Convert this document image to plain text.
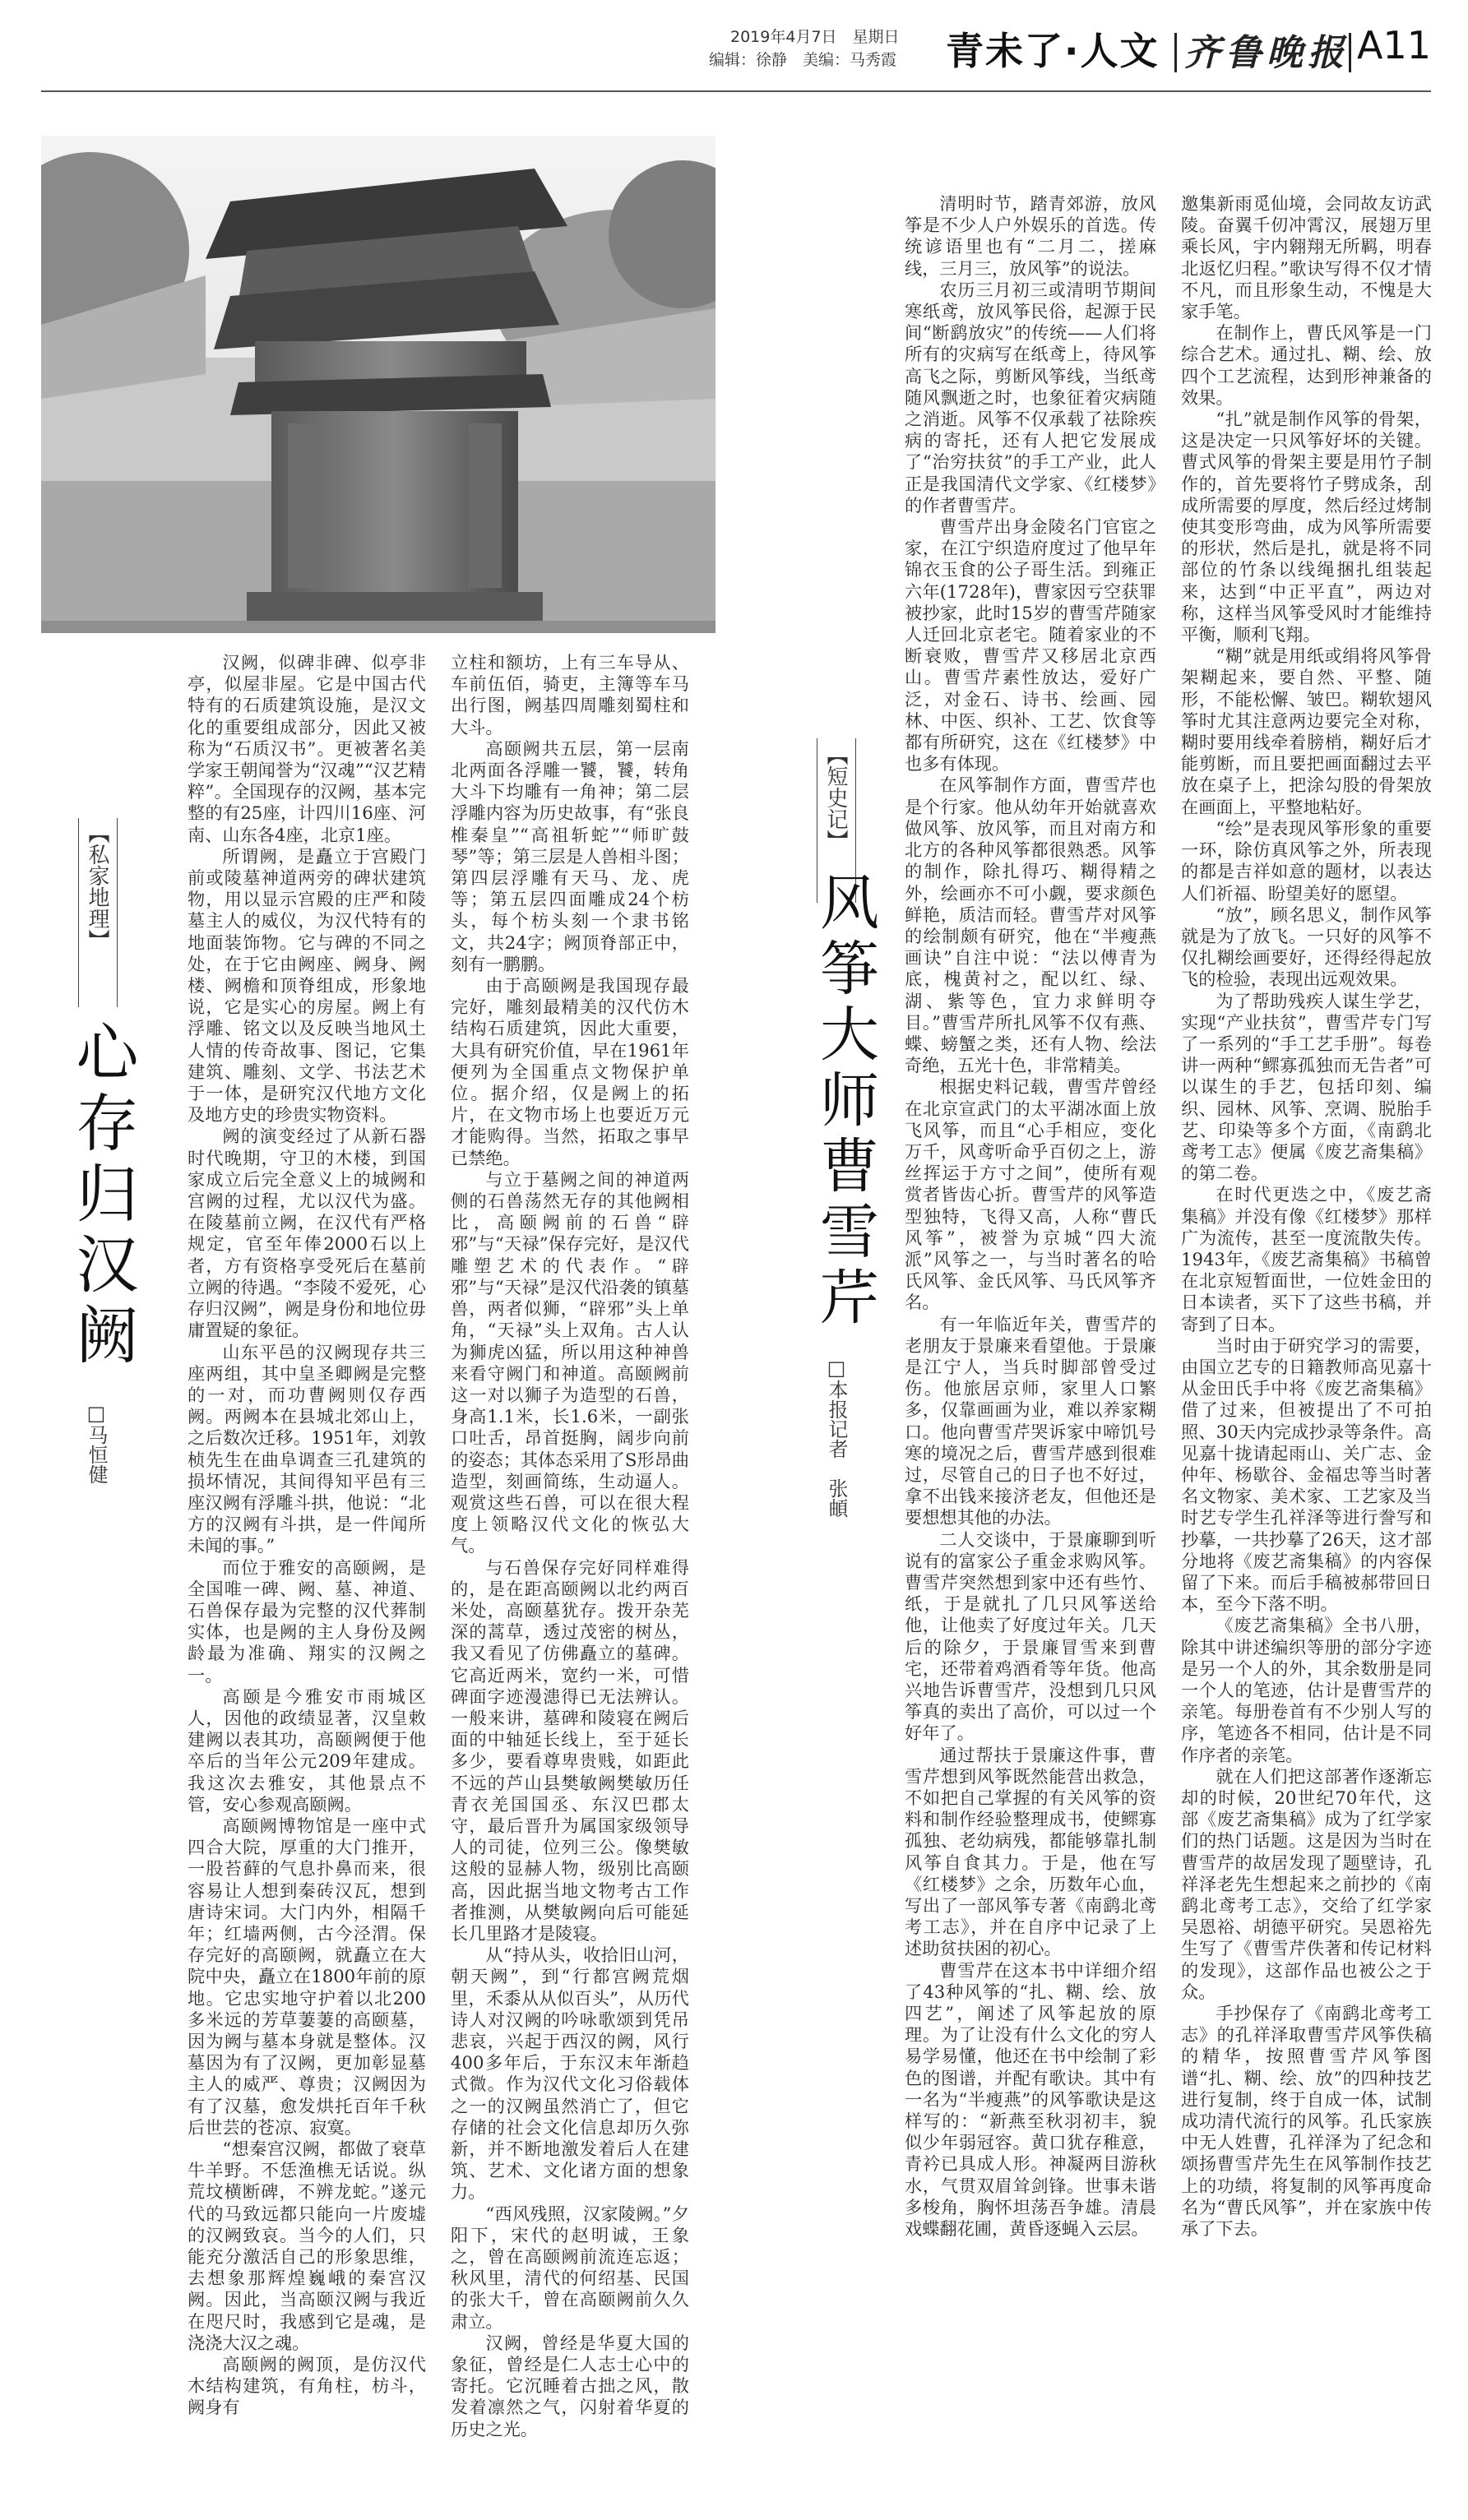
2019年4月7日　星期日
编辑：徐静　美编：马秀霞 青未了·人文 齐鲁晚报 A11
【私家地理】
心存归汉阙
□马恒健

汉阙，似碑非碑、似亭非亭，似屋非屋。它是中国古代特有的石质建筑设施，是汉文化的重要组成部分，因此又被称为“石质汉书”。更被著名美学家王朝闻誉为“汉魂”“汉艺精粹”。全国现存的汉阙，基本完整的有25座，计四川16座、河南、山东各4座，北京1座。

所谓阙，是矗立于宫殿门前或陵墓神道两旁的碑状建筑物，用以显示宫殿的庄严和陵墓主人的威仪，为汉代特有的地面装饰物。它与碑的不同之处，在于它由阙座、阙身、阙楼、阙檐和顶脊组成，形象地说，它是实心的房屋。阙上有浮雕、铭文以及反映当地风土人情的传奇故事、图记，它集建筑、雕刻、文学、书法艺术于一体，是研究汉代地方文化及地方史的珍贵实物资料。

阙的演变经过了从新石器时代晚期，守卫的木楼，到国家成立后完全意义上的城阙和宫阙的过程，尤以汉代为盛。在陵墓前立阙，在汉代有严格规定，官至年俸2000石以上者，方有资格享受死后在墓前立阙的待遇。“李陵不爱死，心存归汉阙”，阙是身份和地位毋庸置疑的象征。

山东平邑的汉阙现存共三座两组，其中皇圣卿阙是完整的一对，而功曹阙则仅存西阙。两阙本在县城北郊山上，之后数次迁移。1951年，刘敦桢先生在曲阜调查三孔建筑的损坏情况，其间得知平邑有三座汉阙有浮雕斗拱，他说：“北方的汉阙有斗拱，是一件闻所未闻的事。”

而位于雅安的高颐阙，是全国唯一碑、阙、墓、神道、石兽保存最为完整的汉代葬制实体，也是阙的主人身份及阙龄最为准确、翔实的汉阙之一。

高颐是今雅安市雨城区人，因他的政绩显著，汉皇敕建阙以表其功，高颐阙便于他卒后的当年公元209年建成。我这次去雅安，其他景点不管，安心参观高颐阙。

高颐阙博物馆是一座中式四合大院，厚重的大门推开，一股苔藓的气息扑鼻而来，很容易让人想到秦砖汉瓦，想到唐诗宋词。大门内外，相隔千年；红墙两侧，古今泾渭。保存完好的高颐阙，就矗立在大院中央，矗立在1800年前的原地。它忠实地守护着以北200多米远的芳草萋萋的高颐墓，因为阙与墓本身就是整体。汉墓因为有了汉阙，更加彰显墓主人的威严、尊贵；汉阙因为有了汉墓，愈发烘托百年千秋后世芸的苍凉、寂寞。

“想秦宫汉阙，都做了衰草牛羊野。不恁渔樵无话说。纵荒坟横断碑，不辨龙蛇。”遂元代的马致远都只能向一片废墟的汉阙致哀。当今的人们，只能充分激活自己的形象思维，去想象那辉煌巍峨的秦宫汉阙。因此，当高颐汉阙与我近在咫尺时，我感到它是魂，是浇浇大汉之魂。

高颐阙的阙顶，是仿汉代木结构建筑，有角柱，枋斗，阙身有

立柱和额坊，上有三车导从、车前伍佰，骑吏，主簿等车马出行图，阙基四周雕刻蜀柱和大斗。

高颐阙共五层，第一层南北两面各浮雕一饕，饕，转角大斗下均雕有一角神；第二层浮雕内容为历史故事，有“张良椎秦皇”“高祖斩蛇”“师旷鼓琴”等；第三层是人兽相斗图；第四层浮雕有天马、龙、虎等；第五层四面雕成24个枋头，每个枋头刻一个隶书铭文，共24字；阙顶脊部正中，刻有一鹏鹏。

由于高颐阙是我国现存最完好，雕刻最精美的汉代仿木结构石质建筑，因此大重要，大具有研究价值，早在1961年便列为全国重点文物保护单位。据介绍，仅是阙上的拓片，在文物市场上也要近万元才能购得。当然，拓取之事早已禁绝。

与立于墓阙之间的神道两侧的石兽荡然无存的其他阙相比，高颐阙前的石兽“辟邪”与“天禄”保存完好，是汉代雕塑艺术的代表作。“辟邪”与“天禄”是汉代沿袭的镇墓兽，两者似狮，“辟邪”头上单角，“天禄”头上双角。古人认为狮虎凶猛，所以用这种神兽来看守阙门和神道。高颐阙前这一对以狮子为造型的石兽，身高1.1米，长1.6米，一副张口吐舌，昂首挺胸，阔步向前的姿态；其体态采用了S形昂曲造型，刻画简练，生动逼人。观赏这些石兽，可以在很大程度上领略汉代文化的恢弘大气。

与石兽保存完好同样难得的，是在距高颐阙以北约两百米处，高颐墓犹存。拨开杂芜深的蒿草，透过茂密的树丛，我又看见了仿佛矗立的墓碑。它高近两米，宽约一米，可惜碑面字迹漫漶得已无法辨认。一般来讲，墓碑和陵寝在阙后面的中轴延长线上，至于延长多少，要看尊卑贵贱，如距此不远的芦山县樊敏阙樊敏历任青衣羌国国丞、东汉巴郡太守，最后晋升为属国家级领导人的司徒，位列三公。像樊敏这般的显赫人物，级别比高颐高，因此据当地文物考古工作者推测，从樊敏阙向后可能延长几里路才是陵寝。

从“持从头，收拾旧山河，朝天阙”，到“行都宫阙荒烟里，禾黍从从似百头”，从历代诗人对汉阙的吟咏歌颂到凭吊悲哀，兴起于西汉的阙，风行400多年后，于东汉末年渐趋式微。作为汉代文化习俗载体之一的汉阙虽然消亡了，但它存储的社会文化信息却历久弥新，并不断地激发着后人在建筑、艺术、文化诸方面的想象力。

“西风残照，汉家陵阙。”夕阳下，宋代的赵明诚，王象之，曾在高颐阙前流连忘返；秋风里，清代的何绍基、民国的张大千，曾在高颐阙前久久肃立。

汉阙，曾经是华夏大国的象征，曾经是仁人志士心中的寄托。它沉睡着古拙之风，散发着凛然之气，闪射着华夏的历史之光。

【短史记】
风筝大师曹雪芹
□本报记者　张頔

清明时节，踏青郊游，放风筝是不少人户外娱乐的首选。传统谚语里也有“二月二，搓麻线，三月三，放风筝”的说法。

农历三月初三或清明节期间寒纸鸢，放风筝民俗，起源于民间“断鹞放灾”的传统——人们将所有的灾病写在纸鸢上，待风筝高飞之际，剪断风筝线，当纸鸢随风飘逝之时，也象征着灾病随之消逝。风筝不仅承载了祛除疾病的寄托，还有人把它发展成了“治穷扶贫”的手工产业，此人正是我国清代文学家、《红楼梦》的作者曹雪芹。

曹雪芹出身金陵名门官宦之家，在江宁织造府度过了他早年锦衣玉食的公子哥生活。到雍正六年(1728年)，曹家因亏空获罪被抄家，此时15岁的曹雪芹随家人迁回北京老宅。随着家业的不断衰败，曹雪芹又移居北京西山。曹雪芹素性放达，爱好广泛，对金石、诗书、绘画、园林、中医、织补、工艺、饮食等都有所研究，这在《红楼梦》中也多有体现。

在风筝制作方面，曹雪芹也是个行家。他从幼年开始就喜欢做风筝、放风筝，而且对南方和北方的各种风筝都很熟悉。风筝的制作，除扎得巧、糊得精之外，绘画亦不可小觑，要求颜色鲜艳，质洁而轻。曹雪芹对风筝的绘制颇有研究，他在“半瘦燕画诀”自注中说：“法以傅青为底，槐黄衬之，配以红、绿、湖、紫等色，宜力求鲜明夺目。”曹雪芹所扎风筝不仅有燕、蝶、螃蟹之类，还有人物、绘法奇绝，五光十色，非常精美。

根据史料记载，曹雪芹曾经在北京宣武门的太平湖冰面上放飞风筝，而且“心手相应，变化万千，风鸢听命乎百仞之上，游丝挥运于方寸之间”，使所有观赏者皆齿心折。曹雪芹的风筝造型独特，飞得又高，人称“曹氏风筝”，被誉为京城“四大流派”风筝之一，与当时著名的哈氏风筝、金氏风筝、马氏风筝齐名。

有一年临近年关，曹雪芹的老朋友于景廉来看望他。于景廉是江宁人，当兵时脚部曾受过伤。他旅居京师，家里人口繁多，仅靠画画为业，难以养家糊口。他向曹雪芹哭诉家中啼饥号寒的境况之后，曹雪芹感到很难过，尽管自己的日子也不好过，拿不出钱来接济老友，但他还是要想想其他的办法。

二人交谈中，于景廉聊到听说有的富家公子重金求购风筝。曹雪芹突然想到家中还有些竹、纸，于是就扎了几只风筝送给他，让他卖了好度过年关。几天后的除夕，于景廉冒雪来到曹宅，还带着鸡酒肴等年货。他高兴地告诉曹雪芹，没想到几只风筝真的卖出了高价，可以过一个好年了。

通过帮扶于景廉这件事，曹雪芹想到风筝既然能营出救急，不如把自己掌握的有关风筝的资料和制作经验整理成书，使鳏寡孤独、老幼病残，都能够靠扎制风筝自食其力。于是，他在写《红楼梦》之余，历数年心血，写出了一部风筝专著《南鹞北鸢考工志》，并在自序中记录了上述助贫扶困的初心。

曹雪芹在这本书中详细介绍了43种风筝的“扎、糊、绘、放四艺”，阐述了风筝起放的原理。为了让没有什么文化的穷人易学易懂，他还在书中绘制了彩色的图谱，并配有歌诀。其中有一名为“半瘦燕”的风筝歌诀是这样写的：“新燕至秋羽初丰，貌似少年弱冠容。黄口犹存稚意，青衿已具成人形。神凝两目游秋水，气贯双眉耸剑锋。世事未谐多梭角，胸怀坦荡吾争雄。清晨戏蝶翻花圃，黄昏逐蝇入云层。

邀集新雨觅仙境，会同故友访武陵。奋翼千仞冲霄汉，展翅万里乘长风，宇内翱翔无所羁，明春北返忆归程。”歌诀写得不仅才情不凡，而且形象生动，不愧是大家手笔。

在制作上，曹氏风筝是一门综合艺术。通过扎、糊、绘、放四个工艺流程，达到形神兼备的效果。

“扎”就是制作风筝的骨架，这是决定一只风筝好坏的关键。曹式风筝的骨架主要是用竹子制作的，首先要将竹子劈成条，刮成所需要的厚度，然后经过烤制使其变形弯曲，成为风筝所需要的形状，然后是扎，就是将不同部位的竹条以线绳捆扎组装起来，达到“中正平直”，两边对称，这样当风筝受风时才能维持平衡，顺利飞翔。

“糊”就是用纸或绢将风筝骨架糊起来，要自然、平整、随形，不能松懈、皱巴。糊软翅风筝时尤其注意两边要完全对称，糊时要用线牵着膀梢，糊好后才能剪断，而且要把画面翻过去平放在桌子上，把涂勾股的骨架放在画面上，平整地粘好。

“绘”是表现风筝形象的重要一环，除仿真风筝之外，所表现的都是吉祥如意的题材，以表达人们祈福、盼望美好的愿望。

“放”，顾名思义，制作风筝就是为了放飞。一只好的风筝不仅扎糊绘画要好，还得经得起放飞的检验，表现出远观效果。

为了帮助残疾人谋生学艺，实现“产业扶贫”，曹雪芹专门写了一系列的“手工艺手册”。每卷讲一两种“鳏寡孤独而无告者”可以谋生的手艺，包括印刻、编织、园林、风筝、烹调、脱胎手艺、印染等多个方面，《南鹞北鸢考工志》便属《废艺斋集稿》的第二卷。

在时代更迭之中，《废艺斋集稿》并没有像《红楼梦》那样广为流传，甚至一度流散失传。1943年，《废艺斋集稿》书稿曾在北京短暂面世，一位姓金田的日本读者，买下了这些书稿，并寄到了日本。

当时由于研究学习的需要，由国立艺专的日籍教师高见嘉十从金田氏手中将《废艺斋集稿》借了过来，但被提出了不可拍照、30天内完成抄录等条件。高见嘉十拢请起雨山、关广志、金仲年、杨歇谷、金福忠等当时著名文物家、美术家、工艺家及当时艺专学生孔祥泽等进行誊写和抄摹，一共抄摹了26天，这才部分地将《废艺斋集稿》的内容保留了下来。而后手稿被郝带回日本，至今下落不明。

《废艺斋集稿》全书八册，除其中讲述编织等册的部分字迹是另一个人的外，其余数册是同一个人的笔迹，估计是曹雪芹的亲笔。每册卷首有不少别人写的序，笔迹各不相同，估计是不同作序者的亲笔。

就在人们把这部著作逐渐忘却的时候，20世纪70年代，这部《废艺斋集稿》成为了红学家们的热门话题。这是因为当时在曹雪芹的故居发现了题壁诗，孔祥泽老先生想起来之前抄的《南鹞北鸢考工志》，交给了红学家吴恩裕、胡德平研究。吴恩裕先生写了《曹雪芹佚著和传记材料的发现》，这部作品也被公之于众。

手抄保存了《南鹞北鸢考工志》的孔祥泽取曹雪芹风筝佚稿的精华，按照曹雪芹风筝图谱“扎、糊、绘、放”的四种技艺进行复制，终于自成一体，试制成功清代流行的风筝。孔氏家族中无人姓曹，孔祥泽为了纪念和颂扬曹雪芹先生在风筝制作技艺上的功绩，将复制的风筝再度命名为“曹氏风筝”，并在家族中传承了下去。
